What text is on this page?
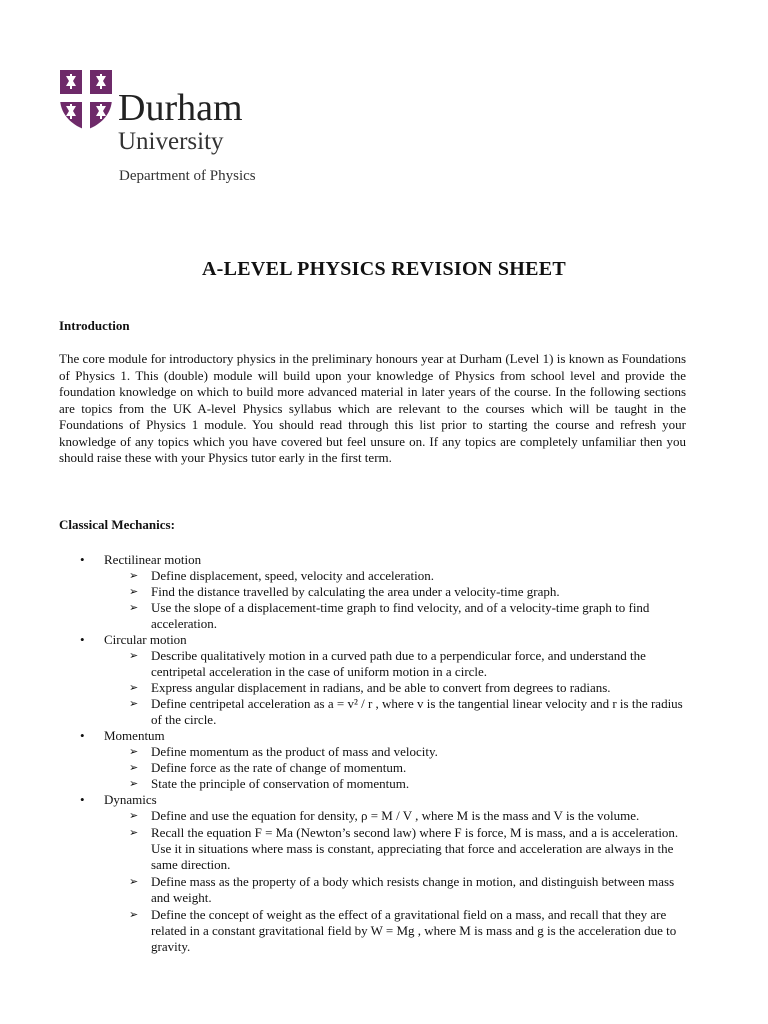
Durham
University
Department of Physics
A-LEVEL PHYSICS REVISION SHEET
Introduction
The core module for introductory physics in the preliminary honours year at Durham (Level 1) is known as Foundations of Physics 1. This (double) module will build upon your knowledge of Physics from school level and provide the foundation knowledge on which to build more advanced material in later years of the course. In the following sections are topics from the UK A-level Physics syllabus which are relevant to the courses which will be taught in the Foundations of Physics 1 module. You should read through this list prior to starting the course and refresh your knowledge of any topics which you have covered but feel unsure on. If any topics are completely unfamiliar then you should raise these with your Physics tutor early in the first term.
Classical Mechanics:
• Rectilinear motion
➢ Define displacement, speed, velocity and acceleration.
➢ Find the distance travelled by calculating the area under a velocity-time graph.
➢ Use the slope of a displacement-time graph to find velocity, and of a velocity-time graph to find acceleration.
• Circular motion
➢ Describe qualitatively motion in a curved path due to a perpendicular force, and understand the centripetal acceleration in the case of uniform motion in a circle.
➢ Express angular displacement in radians, and be able to convert from degrees to radians.
➢ Define centripetal acceleration as a = v² / r , where v is the tangential linear velocity and r is the radius of the circle.
• Momentum
➢ Define momentum as the product of mass and velocity.
➢ Define force as the rate of change of momentum.
➢ State the principle of conservation of momentum.
• Dynamics
➢ Define and use the equation for density, ρ = M / V , where M is the mass and V is the volume.
➢ Recall the equation F = Ma (Newton’s second law) where F is force, M is mass, and a is acceleration. Use it in situations where mass is constant, appreciating that force and acceleration are always in the same direction.
➢ Define mass as the property of a body which resists change in motion, and distinguish between mass and weight.
➢ Define the concept of weight as the effect of a gravitational field on a mass, and recall that they are related in a constant gravitational field by W = Mg , where M is mass and g is the acceleration due to gravity.
